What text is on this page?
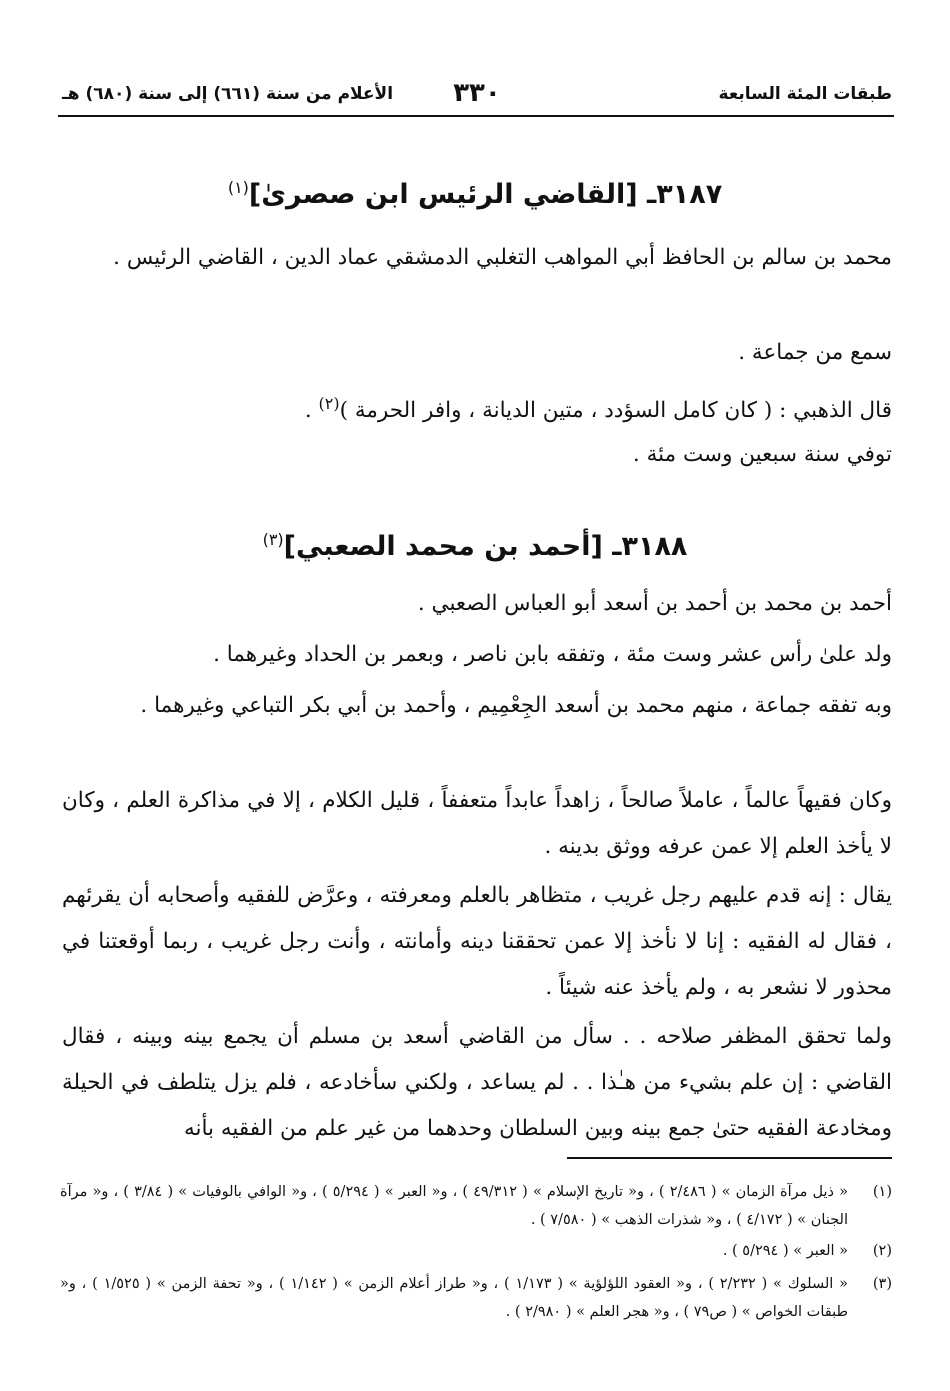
طبقات المئة السابعة
٣٣٠
الأعلام من سنة (٦٦١) إلى سنة (٦٨٠) هـ
٣١٨٧ـ [القاضي الرئيس ابن صصرىٰ]$^{(١)}$
محمد بن سالم بن الحافظ أبي المواهب التغلبي الدمشقي عماد الدين ، القاضي الرئيس .
سمع من جماعة .
قال الذهبي : ( كان كامل السؤدد ، متين الديانة ، وافر الحرمة )$^{(٢)}$ .
توفي سنة سبعين وست مئة .
٣١٨٨ـ [أحمد بن محمد الصعبي]$^{(٣)}$
أحمد بن محمد بن أحمد بن أسعد أبو العباس الصعبي .
ولد علىٰ رأس عشر وست مئة ، وتفقه بابن ناصر ، وبعمر بن الحداد وغيرهما .
وبه تفقه جماعة ، منهم محمد بن أسعد الجِعْمِيم ، وأحمد بن أبي بكر التباعي وغيرهما .
وكان فقيهاً عالماً ، عاملاً صالحاً ، زاهداً عابداً متعففاً ، قليل الكلام ، إلا في مذاكرة العلم ، وكان لا يأخذ العلم إلا عمن عرفه ووثق بدينه .
يقال : إنه قدم عليهم رجل غريب ، متظاهر بالعلم ومعرفته ، وعرَّض للفقيه وأصحابه أن يقرئهم ، فقال له الفقيه : إنا لا نأخذ إلا عمن تحققنا دينه وأمانته ، وأنت رجل غريب ، ربما أوقعتنا في محذور لا نشعر به ، ولم يأخذ عنه شيئاً .
ولما تحقق المظفر صلاحه . . سأل من القاضي أسعد بن مسلم أن يجمع بينه وبينه ، فقال القاضي : إن علم بشيء من هـٰذا . . لم يساعد ، ولكني سأخادعه ، فلم يزل يتلطف في الحيلة ومخادعة الفقيه حتىٰ جمع بينه وبين السلطان وحدهما من غير علم من الفقيه بأنه
(١)
« ذيل مرآة الزمان » ( ٢/٤٨٦ ) ، و« تاريخ الإسلام » ( ٤٩/٣١٢ ) ، و« العبر » ( ٥/٢٩٤ ) ، و« الوافي بالوفيات » ( ٣/٨٤ ) ، و« مرآة الجنان » ( ٤/١٧٢ ) ، و« شذرات الذهب » ( ٧/٥٨٠ ) .
(٢)
« العبر » ( ٥/٢٩٤ ) .
(٣)
« السلوك » ( ٢/٢٣٢ ) ، و« العقود اللؤلؤية » ( ١/١٧٣ ) ، و« طراز أعلام الزمن » ( ١/١٤٢ ) ، و« تحفة الزمن » ( ١/٥٢٥ ) ، و« طبقات الخواص » ( ص٧٩ ) ، و« هجر العلم » ( ٢/٩٨٠ ) .
